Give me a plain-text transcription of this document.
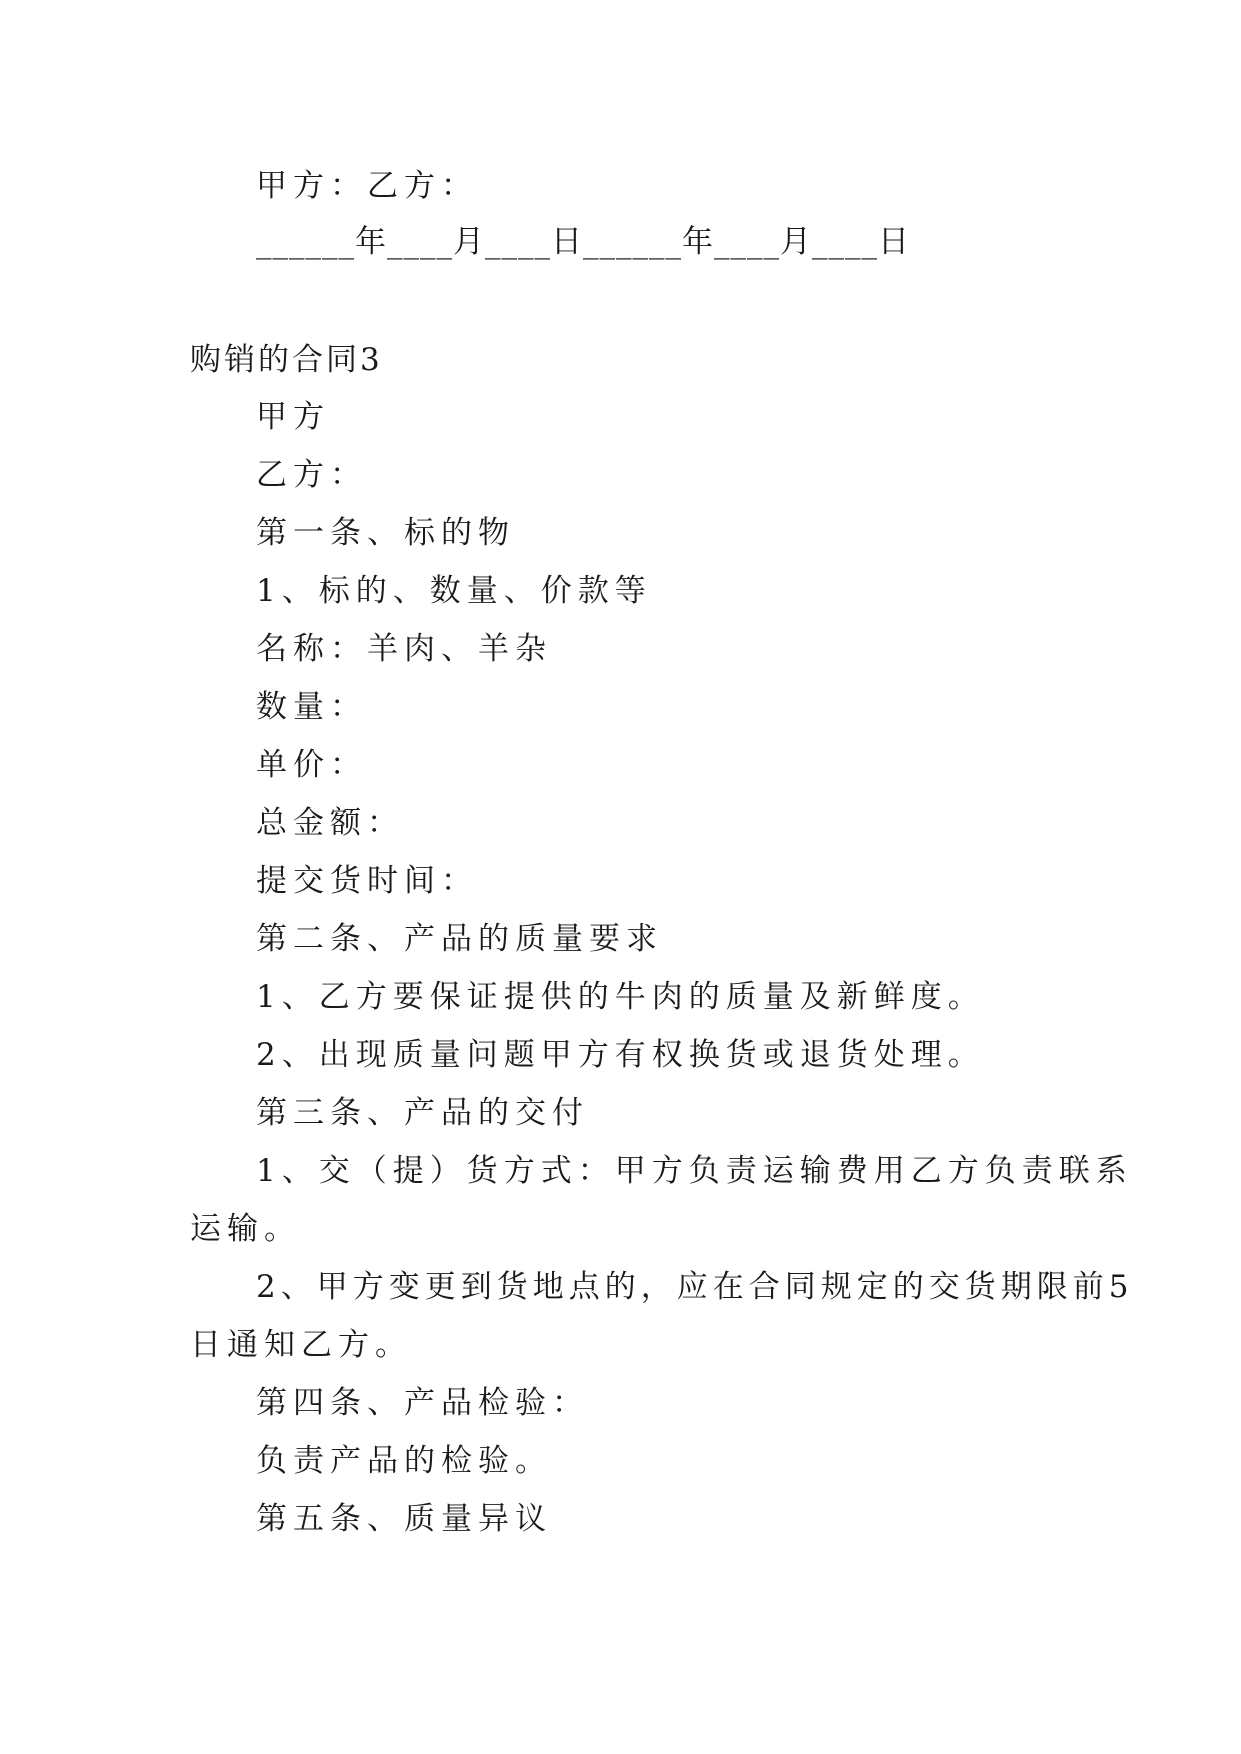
甲方：乙方：
______年____月____日______年____月____日
购销的合同3
甲方
乙方：
第一条、标的物
1、标的、数量、价款等
名称：羊肉、羊杂
数量：
单价：
总金额：
提交货时间：
第二条、产品的质量要求
1、乙方要保证提供的牛肉的质量及新鲜度。
2、出现质量问题甲方有权换货或退货处理。
第三条、产品的交付
1、交（提）货方式：甲方负责运输费用乙方负责联系
运输。
2、甲方变更到货地点的，应在合同规定的交货期限前5
日通知乙方。
第四条、产品检验：
负责产品的检验。
第五条、质量异议
